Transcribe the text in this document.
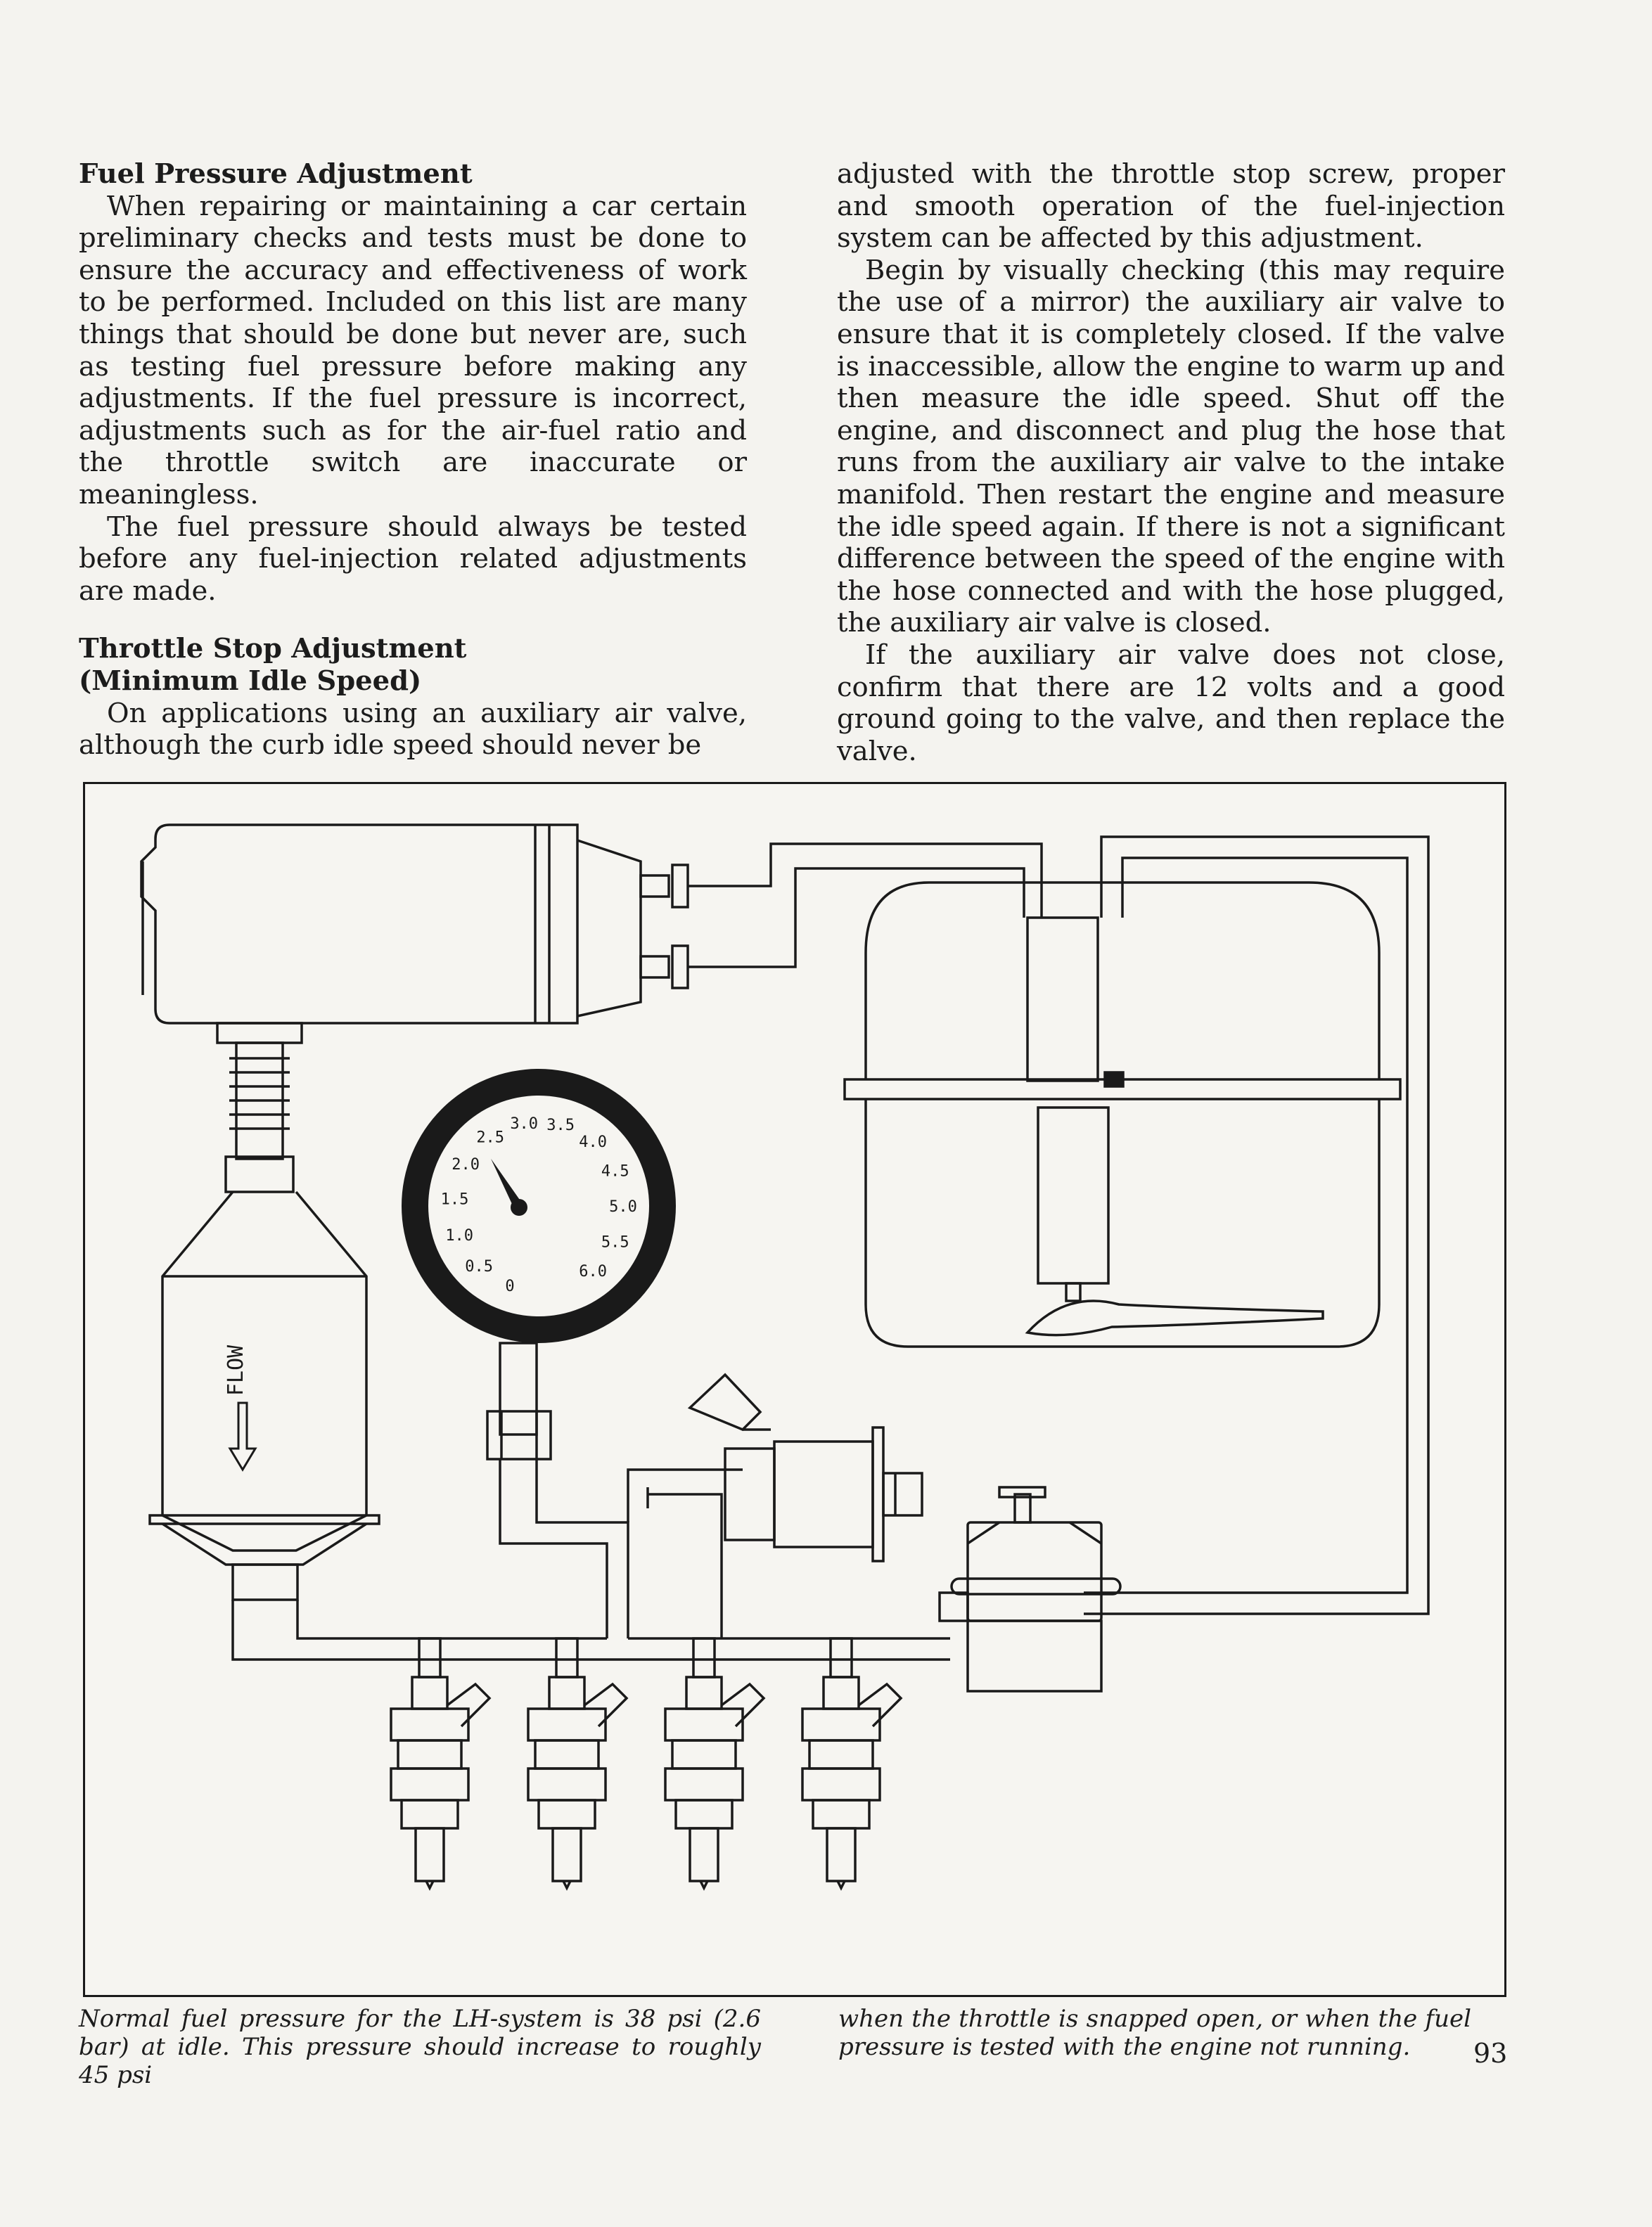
Fuel Pressure Adjustment

When repairing or maintaining a car certain preliminary checks and tests must be done to ensure the accuracy and effectiveness of work to be performed. Included on this list are many things that should be done but never are, such as testing fuel pressure before making any adjustments. If the fuel pressure is incorrect, adjustments such as for the air-fuel ratio and the throttle switch are inaccurate or meaningless.

The fuel pressure should always be tested before any fuel-injection related adjustments are made.

Throttle Stop Adjustment
(Minimum Idle Speed)

On applications using an auxiliary air valve, although the curb idle speed should never be

adjusted with the throttle stop screw, proper and smooth operation of the fuel-injection system can be affected by this adjustment.

Begin by visually checking (this may require the use of a mirror) the auxiliary air valve to ensure that it is completely closed. If the valve is inaccessible, allow the engine to warm up and then measure the idle speed. Shut off the engine, and disconnect and plug the hose that runs from the auxiliary air valve to the intake manifold. Then restart the engine and measure the idle speed again. If there is not a significant difference between the speed of the engine with the hose connected and with the hose plugged, the auxiliary air valve is closed.

If the auxiliary air valve does not close, confirm that there are 12 volts and a good ground going to the valve, and then replace the valve.

FLOW
0
0.5
1.0
1.5
2.0
2.5
3.0 3.5
4.0
4.5
5.0
5.5
6.0
Normal fuel pressure for the LH-system is 38 psi (2.6 bar) at idle. This pressure should increase to roughly 45 psi
when the throttle is snapped open, or when the fuel pressure is tested with the engine not running.	93
